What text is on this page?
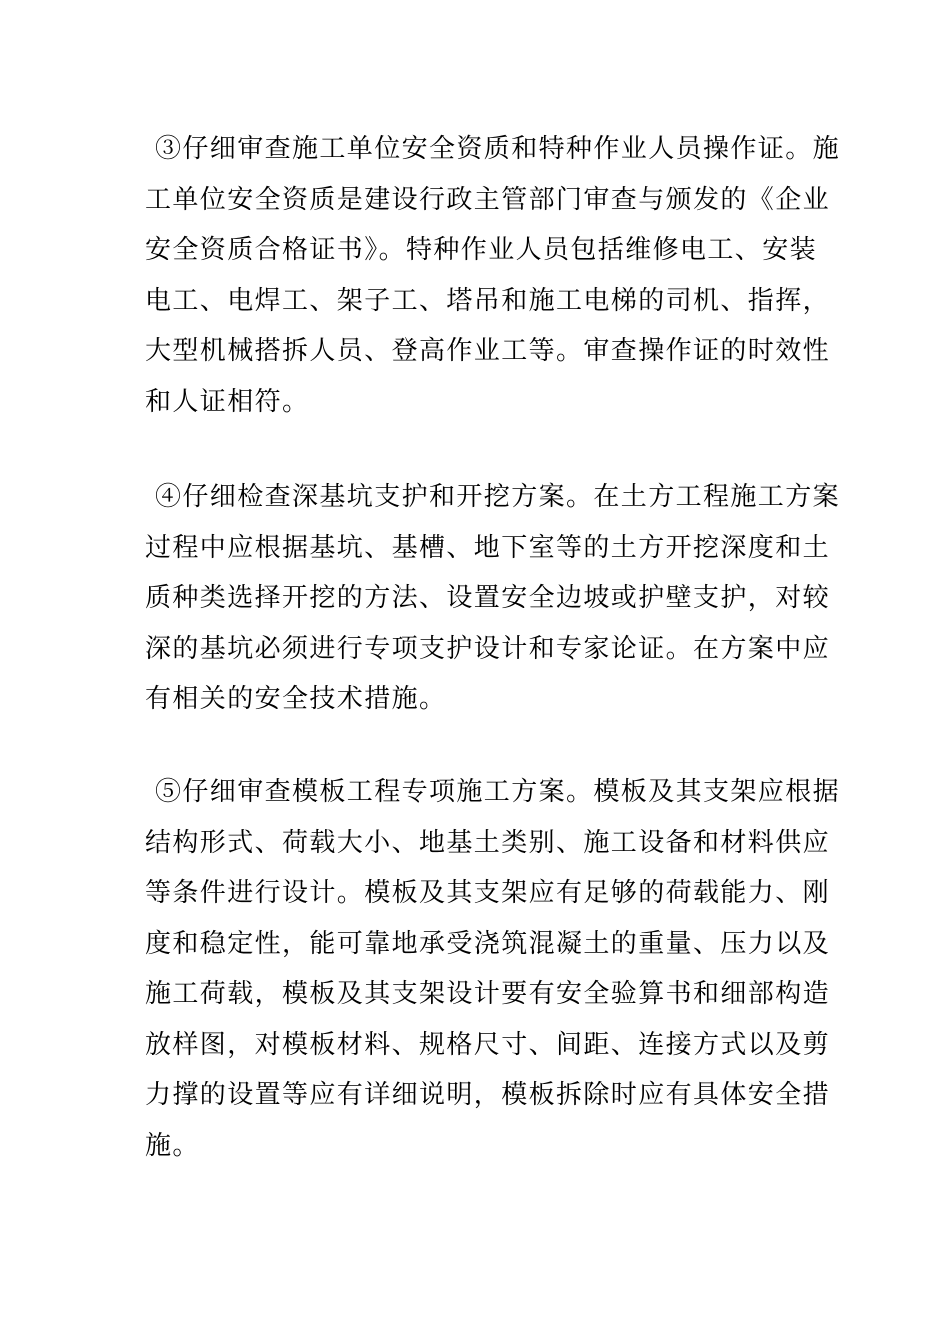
③仔细审查施工单位安全资质和特种作业人员操作证。施
工单位安全资质是建设行政主管部门审查与颁发的《企业
安全资质合格证书》。特种作业人员包括维修电工、安装
电工、电焊工、架子工、塔吊和施工电梯的司机、指挥，
大型机械搭拆人员、登高作业工等。审查操作证的时效性
和人证相符。
④仔细检查深基坑支护和开挖方案。在土方工程施工方案
过程中应根据基坑、基槽、地下室等的土方开挖深度和土
质种类选择开挖的方法、设置安全边坡或护壁支护，对较
深的基坑必须进行专项支护设计和专家论证。在方案中应
有相关的安全技术措施。
⑤仔细审查模板工程专项施工方案。模板及其支架应根据
结构形式、荷载大小、地基土类别、施工设备和材料供应
等条件进行设计。模板及其支架应有足够的荷载能力、刚
度和稳定性，能可靠地承受浇筑混凝土的重量、压力以及
施工荷载，模板及其支架设计要有安全验算书和细部构造
放样图，对模板材料、规格尺寸、间距、连接方式以及剪
力撑的设置等应有详细说明，模板拆除时应有具体安全措
施。
